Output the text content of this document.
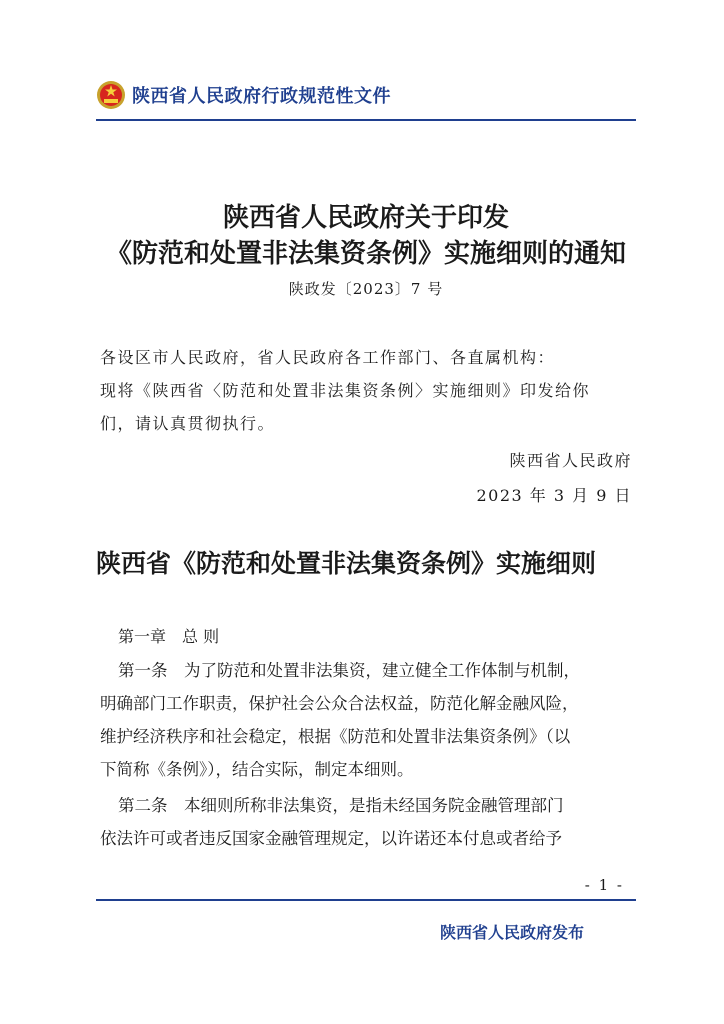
陕西省人民政府行政规范性文件
陕西省人民政府关于印发
《防范和处置非法集资条例》实施细则的通知
陕政发〔2023〕7 号
各设区市人民政府，省人民政府各工作部门、各直属机构：
现将《陕西省〈防范和处置非法集资条例〉实施细则》印发给你
们，请认真贯彻执行。
陕西省人民政府
2023 年 3 月 9 日
陕西省《防范和处置非法集资条例》实施细则
第一章　总 则
第一条　为了防范和处置非法集资，建立健全工作体制与机制，
明确部门工作职责，保护社会公众合法权益，防范化解金融风险，
维护经济秩序和社会稳定，根据《防范和处置非法集资条例》（以
下简称《条例》），结合实际，制定本细则。
第二条　本细则所称非法集资，是指未经国务院金融管理部门
依法许可或者违反国家金融管理规定，以许诺还本付息或者给予
- 1 -
陕西省人民政府发布
